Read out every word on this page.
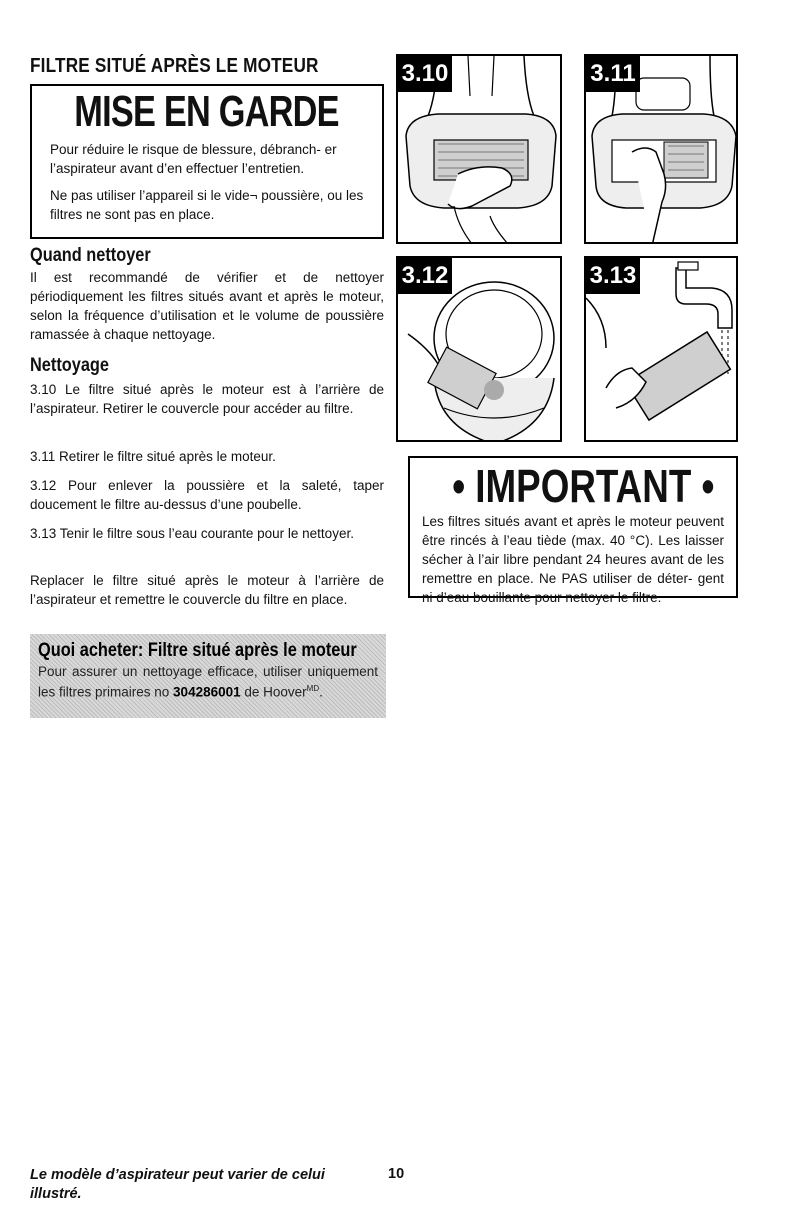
FILTRE SITUÉ APRÈS LE MOTEUR
MISE EN GARDE

Pour réduire le risque de blessure, débranch- er l’aspirateur avant d’en effectuer l’entretien.

Ne pas utiliser l’appareil si le vide¬ poussière, ou les filtres ne sont pas en place.

Quand nettoyer

Il est recommandé de vérifier et de nettoyer périodiquement les filtres situés avant et après le moteur, selon la fréquence d’utilisation et le volume de poussière ramassée à chaque nettoyage.

Nettoyage

3.10 Le filtre situé après le moteur est à l’arrière de l’aspirateur. Retirer le couvercle pour accéder au filtre.

3.11 Retirer le filtre situé après le moteur.

3.12 Pour enlever la poussière et la saleté, taper doucement le filtre au-dessus d’une poubelle.

3.13 Tenir le filtre sous l’eau courante pour le nettoyer.

Replacer le filtre situé après le moteur à l’arrière de l’aspirateur et remettre le couvercle du filtre en place.

Quoi acheter: Filtre situé après le moteur
Pour assurer un nettoyage efficace, utiliser uniquement les filtres primaires no 304286001 de Hoover$^{MD}$.
3.10	3.11
3.12	3.13
• IMPORTANT •
Les filtres situés avant et après le moteur peuvent être rincés à l’eau tiède (max. 40 °C). Les laisser sécher à l’air libre pendant 24 heures avant de les remettre en place. Ne PAS utiliser de déter- gent ni d’eau bouillante pour nettoyer le filtre.
Le modèle d’aspirateur peut varier de celui illustré.
10
